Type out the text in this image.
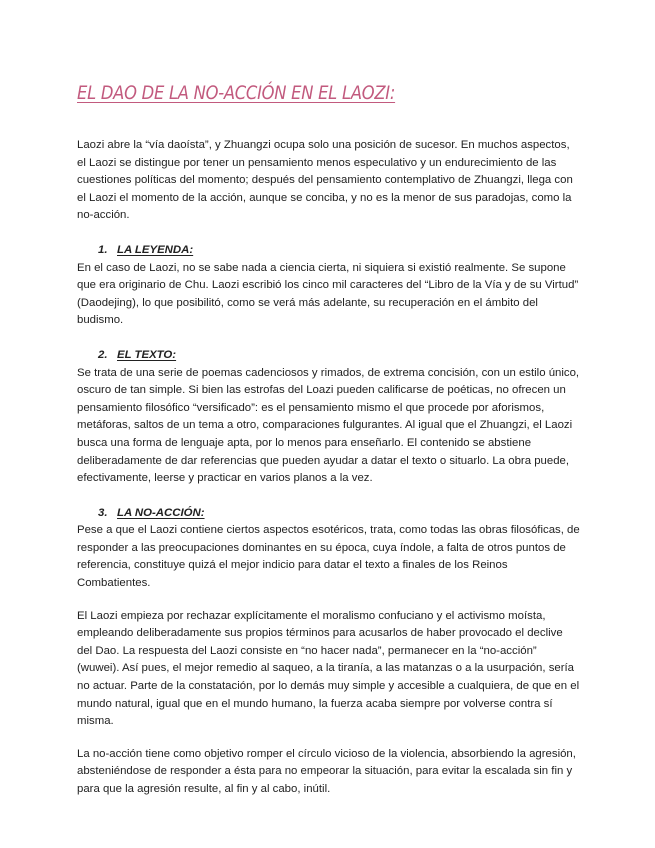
EL DAO DE LA NO-ACCIÓN EN EL LAOZI:

Laozi abre la “vía daoísta”, y Zhuangzi ocupa solo una posición de sucesor. En muchos aspectos, el Laozi se distingue por tener un pensamiento menos especulativo y un endurecimiento de las cuestiones políticas del momento; después del pensamiento contemplativo de Zhuangzi, llega con el Laozi el momento de la acción, aunque se conciba, y no es la menor de sus paradojas, como la no-acción.

1. LA LEYENDA:

En el caso de Laozi, no se sabe nada a ciencia cierta, ni siquiera si existió realmente. Se supone que era originario de Chu. Laozi escribió los cinco mil caracteres del “Libro de la Vía y de su Virtud” (Daodejing), lo que posibilitó, como se verá más adelante, su recuperación en el ámbito del budismo.

2. EL TEXTO:

Se trata de una serie de poemas cadenciosos y rimados, de extrema concisión, con un estilo único, oscuro de tan simple. Si bien las estrofas del Loazi pueden calificarse de poéticas, no ofrecen un pensamiento filosófico “versificado”: es el pensamiento mismo el que procede por aforismos, metáforas, saltos de un tema a otro, comparaciones fulgurantes. Al igual que el Zhuangzi, el Laozi busca una forma de lenguaje apta, por lo menos para enseñarlo. El contenido se abstiene deliberadamente de dar referencias que pueden ayudar a datar el texto o situarlo. La obra puede, efectivamente, leerse y practicar en varios planos a la vez.

3. LA NO-ACCIÓN:

Pese a que el Laozi contiene ciertos aspectos esotéricos, trata, como todas las obras filosóficas, de responder a las preocupaciones dominantes en su época, cuya índole, a falta de otros puntos de referencia, constituye quizá el mejor indicio para datar el texto a finales de los Reinos Combatientes.

El Laozi empieza por rechazar explícitamente el moralismo confuciano y el activismo moísta, empleando deliberadamente sus propios términos para acusarlos de haber provocado el declive del Dao. La respuesta del Laozi consiste en “no hacer nada”, permanecer en la “no-acción” (wuwei). Así pues, el mejor remedio al saqueo, a la tiranía, a las matanzas o a la usurpación, sería no actuar. Parte de la constatación, por lo demás muy simple y accesible a cualquiera, de que en el mundo natural, igual que en el mundo humano, la fuerza acaba siempre por volverse contra sí misma.

La no-acción tiene como objetivo romper el círculo vicioso de la violencia, absorbiendo la agresión, absteniéndose de responder a ésta para no empeorar la situación, para evitar la escalada sin fin y para que la agresión resulte, al fin y al cabo, inútil.
